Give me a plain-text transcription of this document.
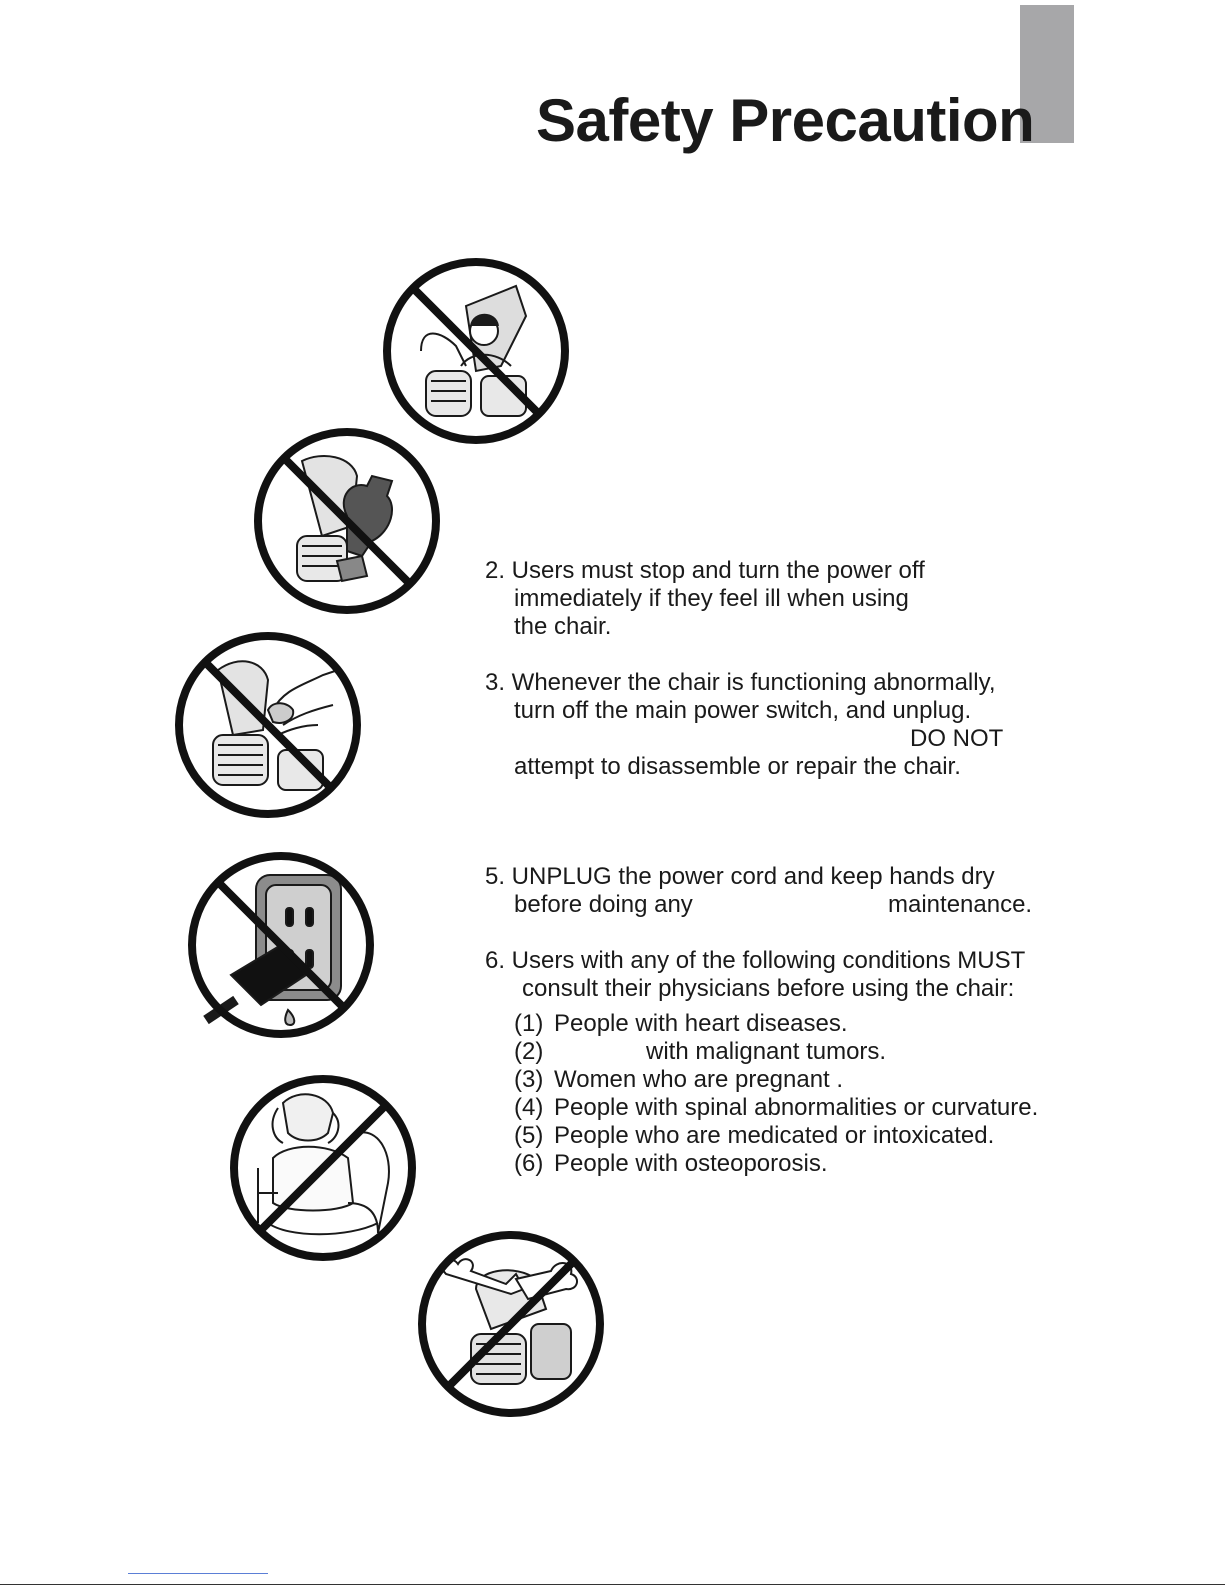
Safety Precaution
2. Users must stop and turn the power off
immediately if they feel ill when using
the chair.
3. Whenever the chair is functioning abnormally,
turn off the main power switch, and unplug.
DO NOT
attempt to disassemble or repair the chair.
5. UNPLUG the power cord and keep hands dry
before doing any	maintenance.
6. Users with any of the following conditions MUST
consult their physicians before using the chair:
(1) People with heart diseases.
(2)	with malignant tumors.
(3) Women who are pregnant .
(4) People with spinal abnormalities or curvature.
(5) People who are medicated or intoxicated.
(6) People with osteoporosis.
